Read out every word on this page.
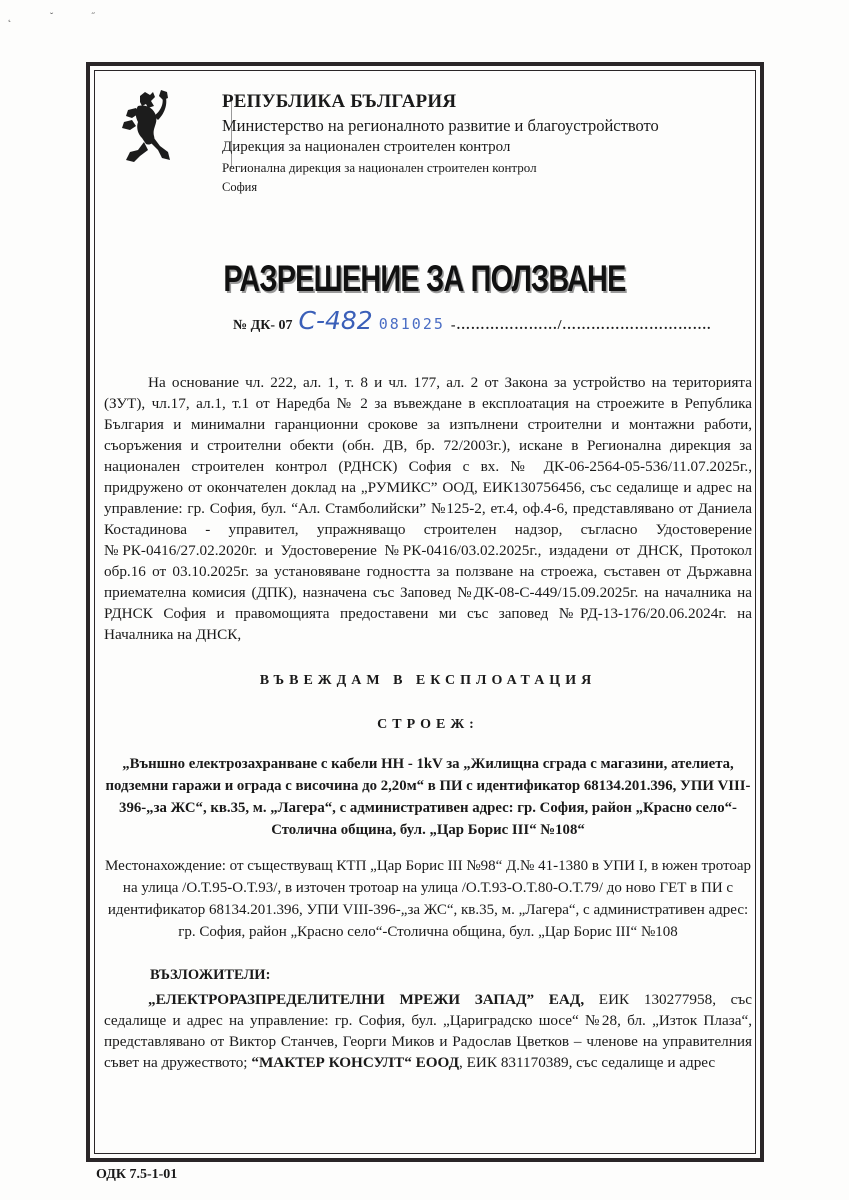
˛ ˇ ˝
РЕПУБЛИКА БЪЛГАРИЯ
Министерство на регионалното развитие и благоустройството
Дирекция за национален строителен контрол
Регионална дирекция за национален строителен контрол
София
РАЗРЕШЕНИЕ ЗА ПОЛЗВАНЕ
№ ДК- 07 С-482 081025 -…………………/………………………….

На основание чл. 222, ал. 1, т. 8 и чл. 177, ал. 2 от Закона за устройство на територията (ЗУТ), чл.17, ал.1, т.1 от Наредба № 2 за въвеждане в експлоатация на строежите в Република България и минимални гаранционни срокове за изпълнени строителни и монтажни работи, съоръжения и строителни обекти (обн. ДВ, бр. 72/2003г.), искане в Регионална дирекция за национален строителен контрол (РДНСК) София с вх. № ДК-06-2564-05-536/11.07.2025г., придружено от окончателен доклад на „РУМИКС” ООД, ЕИК130756456, със седалище и адрес на управление: гр. София, бул. “Ал. Стамболийски” №125-2, ет.4, оф.4-6, представлявано от Даниела Костадинова - управител, упражняващо строителен надзор, съгласно Удостоверение №РК-0416/27.02.2020г. и Удостоверение №РК-0416/03.02.2025г., издадени от ДНСК, Протокол обр.16 от 03.10.2025г. за установяване годността за ползване на строежа, съставен от Държавна приемателна комисия (ДПК), назначена със Заповед №ДК-08-С-449/15.09.2025г. на началника на РДНСК София и правомощията предоставени ми със заповед №РД-13-176/20.06.2024г. на Началника на ДНСК,

ВЪВЕЖДАМ В ЕКСПЛОАТАЦИЯ
СТРОЕЖ:
„Външно електрозахранване с кабели НН - 1kV за „Жилищна сграда с магазини, ателиета, подземни гаражи и ограда с височина до 2,20м“ в ПИ с идентификатор 68134.201.396, УПИ VIII-396-„за ЖС“, кв.35, м. „Лагера“, с административен адрес: гр. София, район „Красно село“-Столична община, бул. „Цар Борис III“ №108“
Местонахождение: от съществуващ КТП „Цар Борис III №98“ Д.№ 41-1380 в УПИ I, в южен тротоар на улица /О.Т.95-О.Т.93/, в източен тротоар на улица /О.Т.93-О.Т.80-О.Т.79/ до ново ГЕТ в ПИ с идентификатор 68134.201.396, УПИ VIII-396-„за ЖС“, кв.35, м. „Лагера“, с административен адрес: гр. София, район „Красно село“-Столична община, бул. „Цар Борис III“ №108
ВЪЗЛОЖИТЕЛИ:

„ЕЛЕКТРОРАЗПРЕДЕЛИТЕЛНИ МРЕЖИ ЗАПАД” ЕАД, ЕИК 130277958, със седалище и адрес на управление: гр. София, бул. „Цариградско шосе“ №28, бл. „Изток Плаза“, представлявано от Виктор Станчев, Георги Миков и Радослав Цветков – членове на управителния съвет на дружеството; “МАКТЕР КОНСУЛТ“ ЕООД, ЕИК 831170389, със седалище и адрес

ОДК 7.5-1-01
